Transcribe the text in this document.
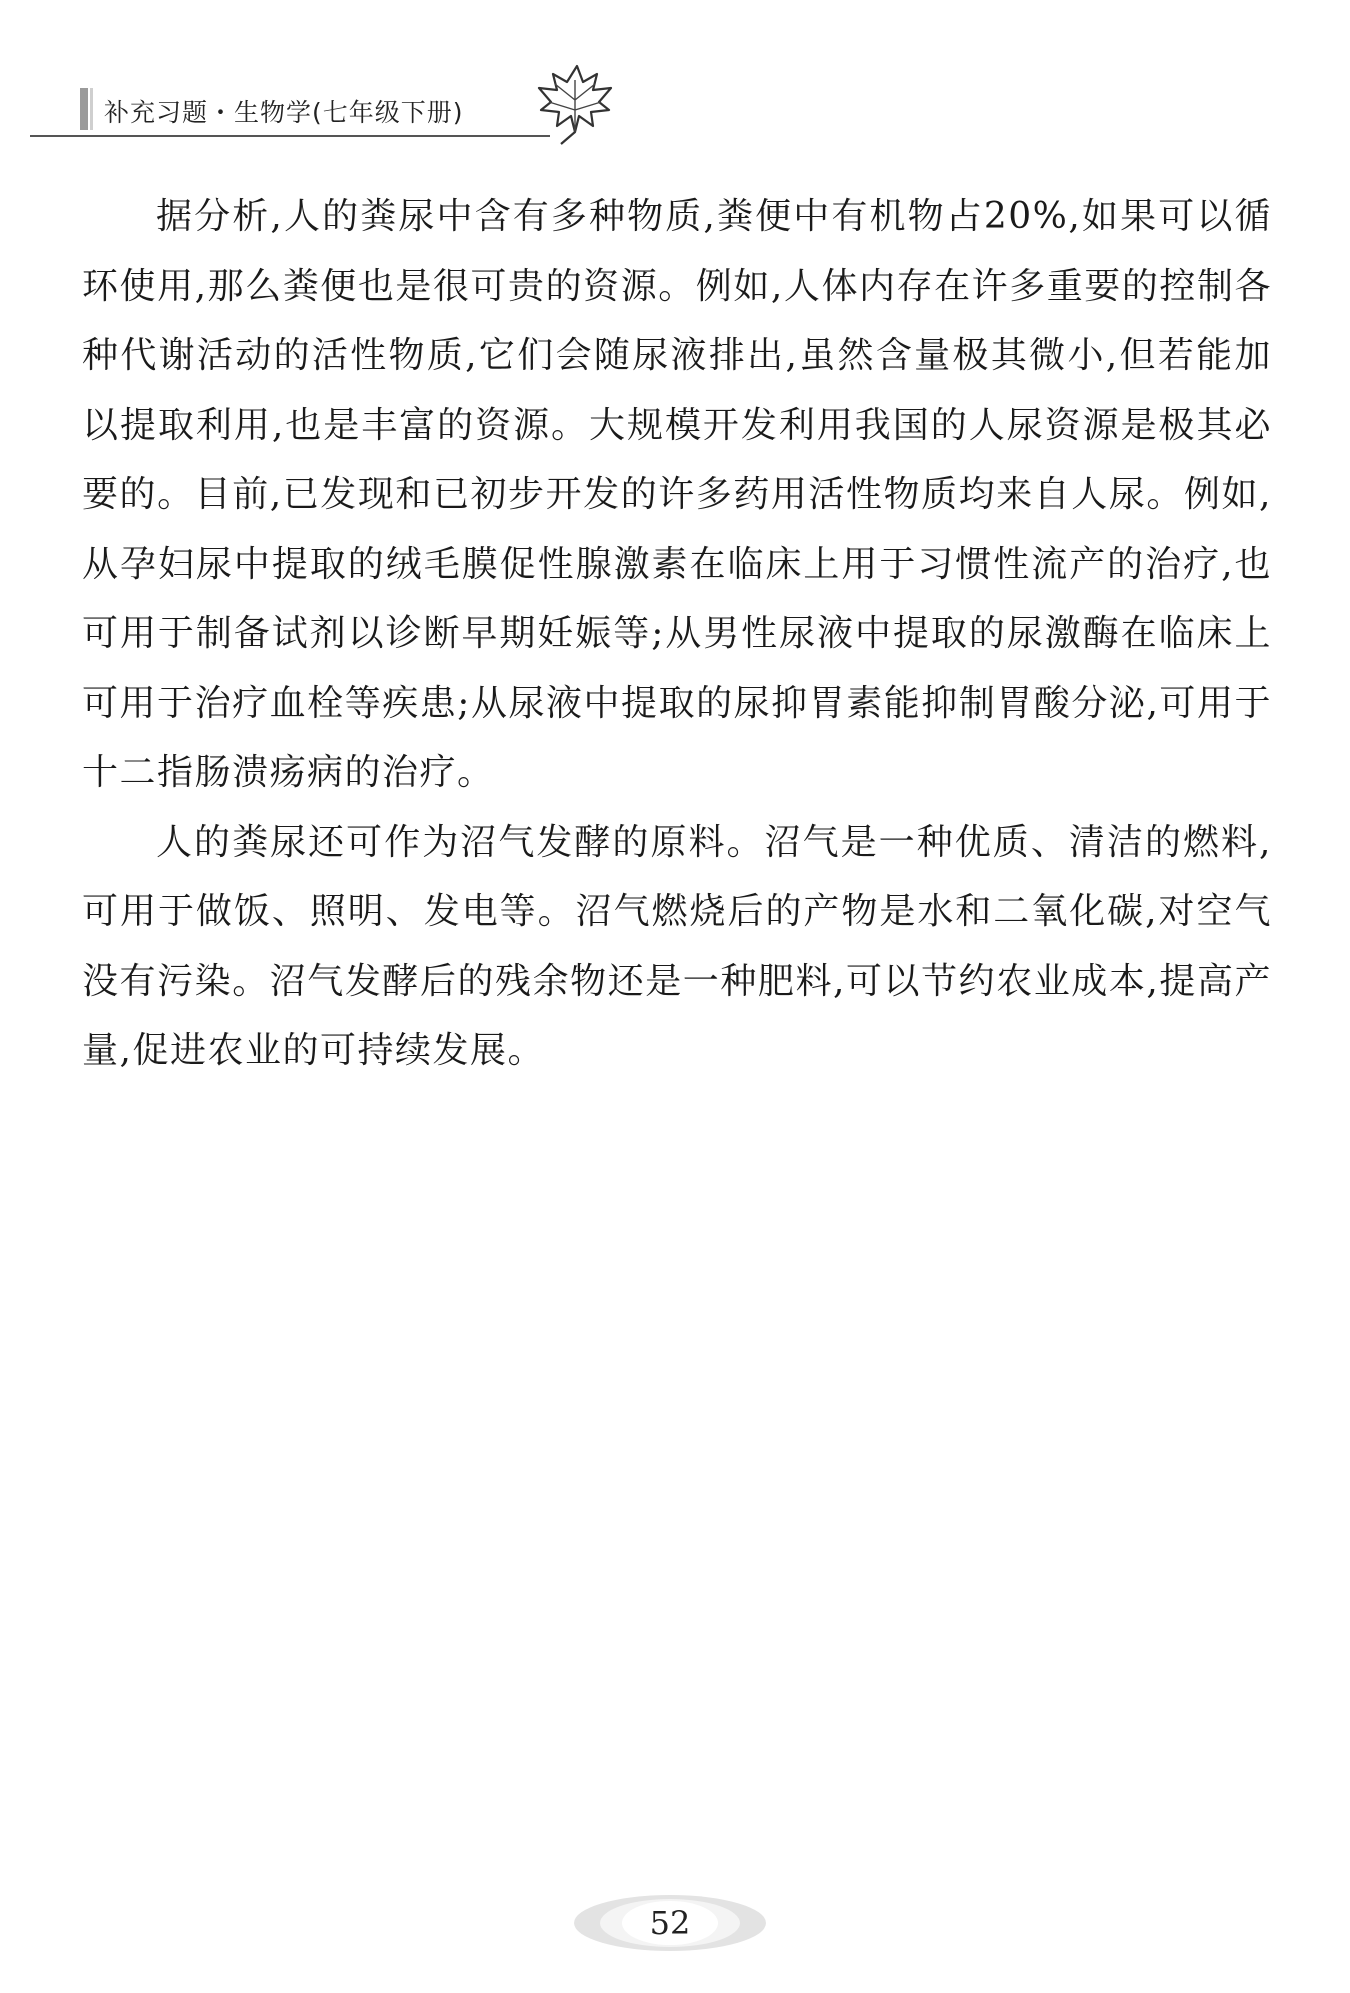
补充习题・生物学(七年级下册)

据分析,人的粪尿中含有多种物质,粪便中有机物占20%,如果可以循环使用,那么粪便也是很可贵的资源。例如,人体内存在许多重要的控制各种代谢活动的活性物质,它们会随尿液排出,虽然含量极其微小,但若能加以提取利用,也是丰富的资源。大规模开发利用我国的人尿资源是极其必要的。目前,已发现和已初步开发的许多药用活性物质均来自人尿。例如,从孕妇尿中提取的绒毛膜促性腺激素在临床上用于习惯性流产的治疗,也可用于制备试剂以诊断早期妊娠等;从男性尿液中提取的尿激酶在临床上可用于治疗血栓等疾患;从尿液中提取的尿抑胃素能抑制胃酸分泌,可用于十二指肠溃疡病的治疗。

人的粪尿还可作为沼气发酵的原料。沼气是一种优质、清洁的燃料,可用于做饭、照明、发电等。沼气燃烧后的产物是水和二氧化碳,对空气没有污染。沼气发酵后的残余物还是一种肥料,可以节约农业成本,提高产量,促进农业的可持续发展。

52
